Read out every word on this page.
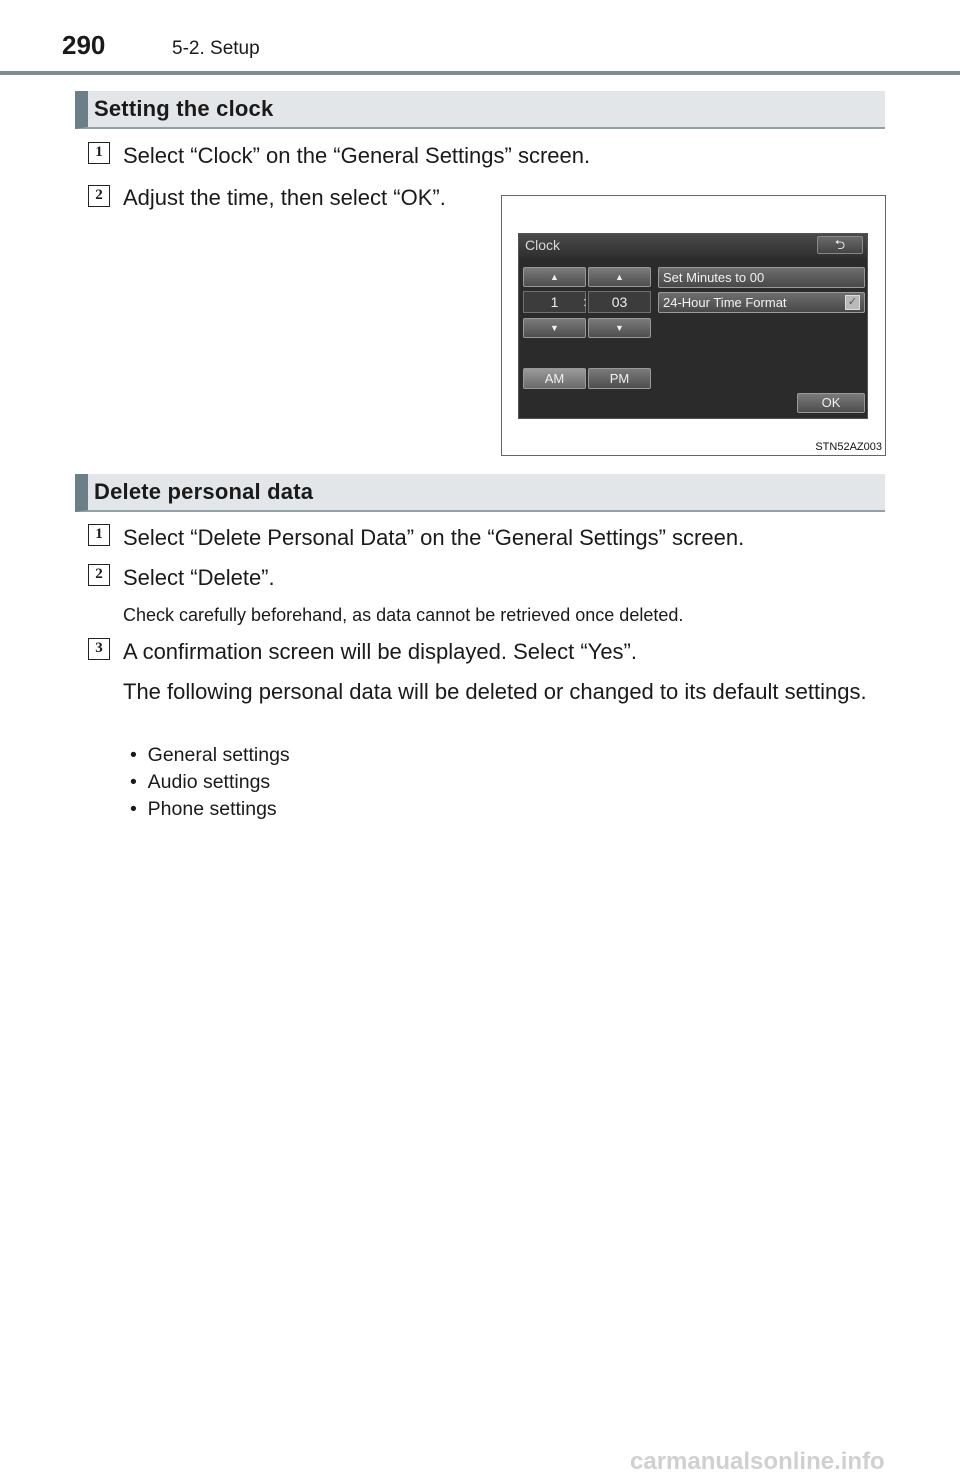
290	5-2. Setup
Setting the clock
1 Select “Clock” on the “General Settings” screen.
2 Adjust the time, then select “OK”.
Clock	⮌
▲	▲
1	:	03
▼	▼
Set Minutes to 00
24-Hour Time Format	✓
AM	PM
OK
STN52AZ003
Delete personal data
1 Select “Delete Personal Data” on the “General Settings” screen.
2 Select “Delete”.
Check carefully beforehand, as data cannot be retrieved once deleted.
3 A confirmation screen will be displayed. Select “Yes”.
The following personal data will be deleted or changed to its default settings.
•  General settings
•  Audio settings
•  Phone settings
carmanualsonline.info
